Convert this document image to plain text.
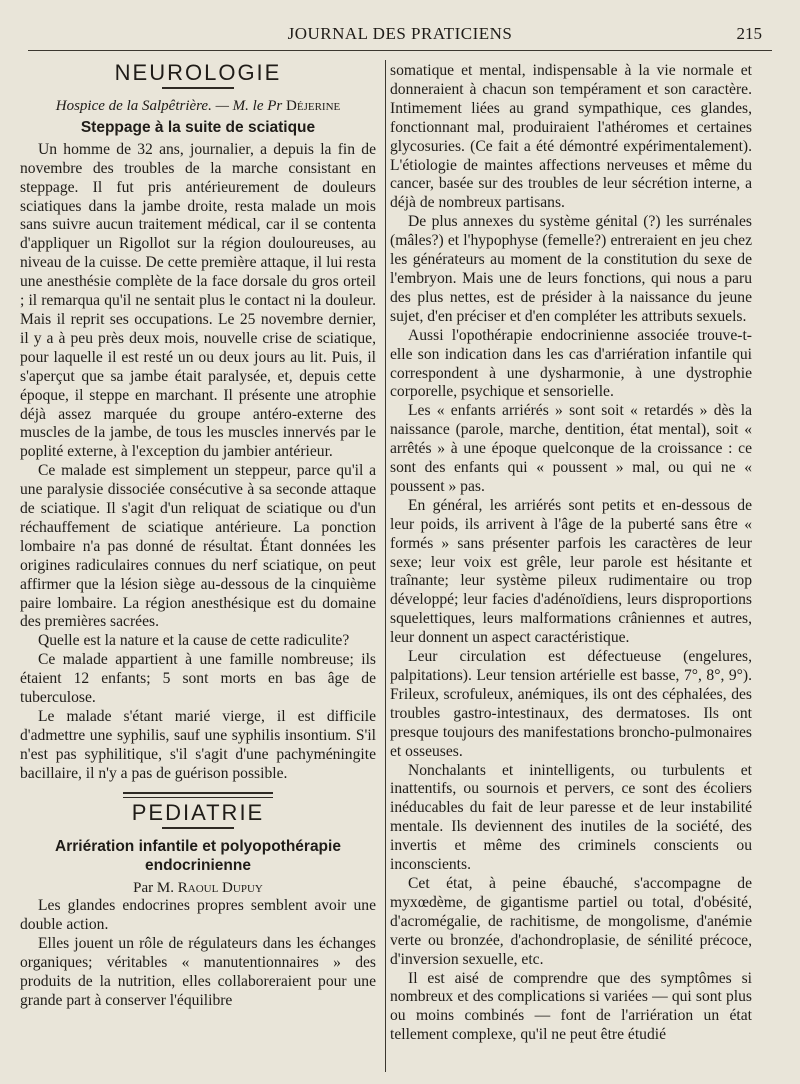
JOURNAL DES PRATICIENS	215
NEUROLOGIE

Hospice de la Salpêtrière. — M. le Pr Déjerine

Steppage à la suite de sciatique

Un homme de 32 ans, journalier, a depuis la fin de novembre des troubles de la marche consistant en steppage. Il fut pris antérieurement de douleurs sciatiques dans la jambe droite, resta malade un mois sans suivre aucun traitement médical, car il se contenta d'appliquer un Rigollot sur la région douloureuses, au niveau de la cuisse. De cette première attaque, il lui resta une anesthésie complète de la face dorsale du gros orteil ; il remarqua qu'il ne sentait plus le contact ni la douleur. Mais il reprit ses occupations. Le 25 novembre dernier, il y a à peu près deux mois, nouvelle crise de sciatique, pour laquelle il est resté un ou deux jours au lit. Puis, il s'aperçut que sa jambe était paralysée, et, depuis cette époque, il steppe en marchant. Il présente une atrophie déjà assez marquée du groupe antéro-externe des muscles de la jambe, de tous les muscles innervés par le poplité externe, à l'exception du jambier antérieur.

Ce malade est simplement un steppeur, parce qu'il a une paralysie dissociée consécutive à sa seconde attaque de sciatique. Il s'agit d'un reliquat de sciatique ou d'un réchauffement de sciatique antérieure. La ponction lombaire n'a pas donné de résultat. Étant données les origines radiculaires connues du nerf sciatique, on peut affirmer que la lésion siège au-dessous de la cinquième paire lombaire. La région anesthésique est du domaine des premières sacrées.

Quelle est la nature et la cause de cette radiculite?

Ce malade appartient à une famille nombreuse; ils étaient 12 enfants; 5 sont morts en bas âge de tuberculose.

Le malade s'étant marié vierge, il est difficile d'admettre une syphilis, sauf une syphilis insontium. S'il n'est pas syphilitique, s'il s'agit d'une pachyméningite bacillaire, il n'y a pas de guérison possible.

PEDIATRIE
Arriération infantile et polyopothérapie
endocrinienne

Par M. Raoul Dupuy

Les glandes endocrines propres semblent avoir une double action.

Elles jouent un rôle de régulateurs dans les échanges organiques; véritables « manutentionnaires » des produits de la nutrition, elles collaboreraient pour une grande part à conserver l'équilibre

somatique et mental, indispensable à la vie normale et donneraient à chacun son tempérament et son caractère. Intimement liées au grand sympathique, ces glandes, fonctionnant mal, produiraient l'athéromes et certaines glycosuries. (Ce fait a été démontré expérimentalement). L'étiologie de maintes affections nerveuses et même du cancer, basée sur des troubles de leur sécrétion interne, a déjà de nombreux partisans.

De plus annexes du système génital (?) les surrénales (mâles?) et l'hypophyse (femelle?) entreraient en jeu chez les générateurs au moment de la constitution du sexe de l'embryon. Mais une de leurs fonctions, qui nous a paru des plus nettes, est de présider à la naissance du jeune sujet, d'en préciser et d'en compléter les attributs sexuels.

Aussi l'opothérapie endocrinienne associée trouve-t-elle son indication dans les cas d'arriération infantile qui correspondent à une dysharmonie, à une dystrophie corporelle, psychique et sensorielle.

Les « enfants arriérés » sont soit « retardés » dès la naissance (parole, marche, dentition, état mental), soit « arrêtés » à une époque quelconque de la croissance : ce sont des enfants qui « poussent » mal, ou qui ne « poussent » pas.

En général, les arriérés sont petits et en-dessous de leur poids, ils arrivent à l'âge de la puberté sans être « formés » sans présenter parfois les caractères de leur sexe; leur voix est grêle, leur parole est hésitante et traînante; leur système pileux rudimentaire ou trop développé; leur facies d'adénoïdiens, leurs disproportions squelettiques, leurs malformations crâniennes et autres, leur donnent un aspect caractéristique.

Leur circulation est défectueuse (engelures, palpitations). Leur tension artérielle est basse, 7°, 8°, 9°). Frileux, scrofuleux, anémiques, ils ont des céphalées, des troubles gastro-intestinaux, des dermatoses. Ils ont presque toujours des manifestations broncho-pulmonaires et osseuses.

Nonchalants et inintelligents, ou turbulents et inattentifs, ou sournois et pervers, ce sont des écoliers inéducables du fait de leur paresse et de leur instabilité mentale. Ils deviennent des inutiles de la société, des invertis et même des criminels conscients ou inconscients.

Cet état, à peine ébauché, s'accompagne de myxœdème, de gigantisme partiel ou total, d'obésité, d'acromégalie, de rachitisme, de mongolisme, d'anémie verte ou bronzée, d'achondroplasie, de sénilité précoce, d'inversion sexuelle, etc.

Il est aisé de comprendre que des symptômes si nombreux et des complications si variées — qui sont plus ou moins combinés — font de l'arriération un état tellement complexe, qu'il ne peut être étudié
